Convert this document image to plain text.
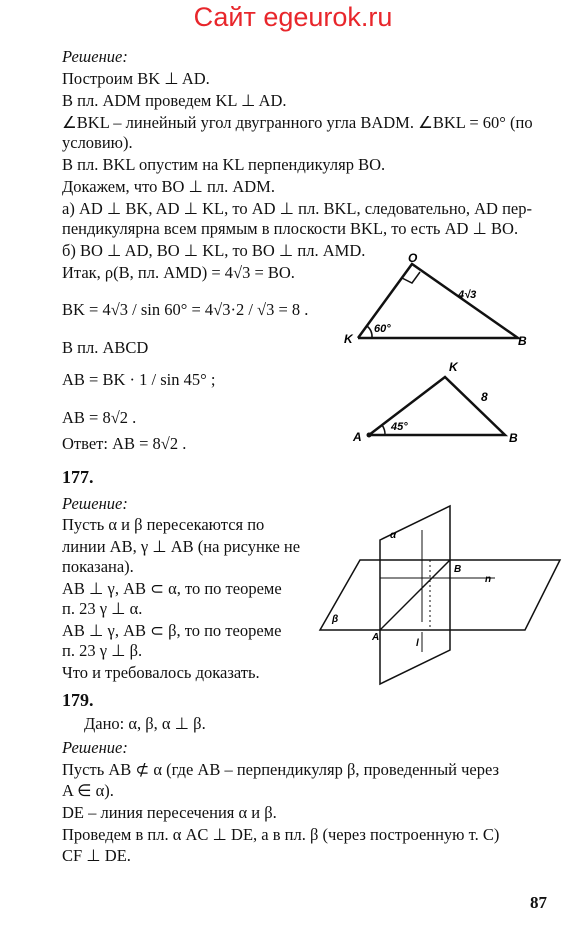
Сайт egeurok.ru
Решение:
Построим BK ⊥ AD.
В пл. ADM проведем KL ⊥ AD.
∠BKL – линейный угол двугранного угла BADM. ∠BKL = 60° (по
условию).
В пл. BKL опустим на KL перпендикуляр BO.
Докажем, что BO ⊥ пл. ADM.
а) AD ⊥ BK, AD ⊥ KL, то AD ⊥ пл. BKL, следовательно, AD пер-
пендикулярна всем прямым в плоскости BKL, то есть AD ⊥ BO.
б) BO ⊥ AD, BO ⊥ KL, то BO ⊥ пл. AMD.
Итак, ρ(B, пл. AMD) = 4√3 = BO.
BK = 4√3 / sin 60° = 4√3·2 / √3 = 8 .
В пл. ABCD
AB = BK · 1 / sin 45° ;
AB = 8√2 .
Ответ: AB = 8√2 .
O
K	B
4√3
60°
K
A	B
8
45°
177.
Решение:
Пусть α и β пересекаются по
линии AB, γ ⊥ AB (на рисунке не
показана).
AB ⊥ γ, AB ⊂ α, то по теореме
п. 23 γ ⊥ α.
AB ⊥ γ, AB ⊂ β, то по теореме
п. 23 γ ⊥ β.
Что и требовалось доказать.
α
β
B
A
n
l
179.
Дано: α, β, α ⊥ β.
Решение:
Пусть AB ⊄ α (где AB – перпендикуляр β, проведенный через
A ∈ α).
DE – линия пересечения α и β.
Проведем в пл. α AC ⊥ DE, а в пл. β (через построенную т. C)
CF ⊥ DE.
87
